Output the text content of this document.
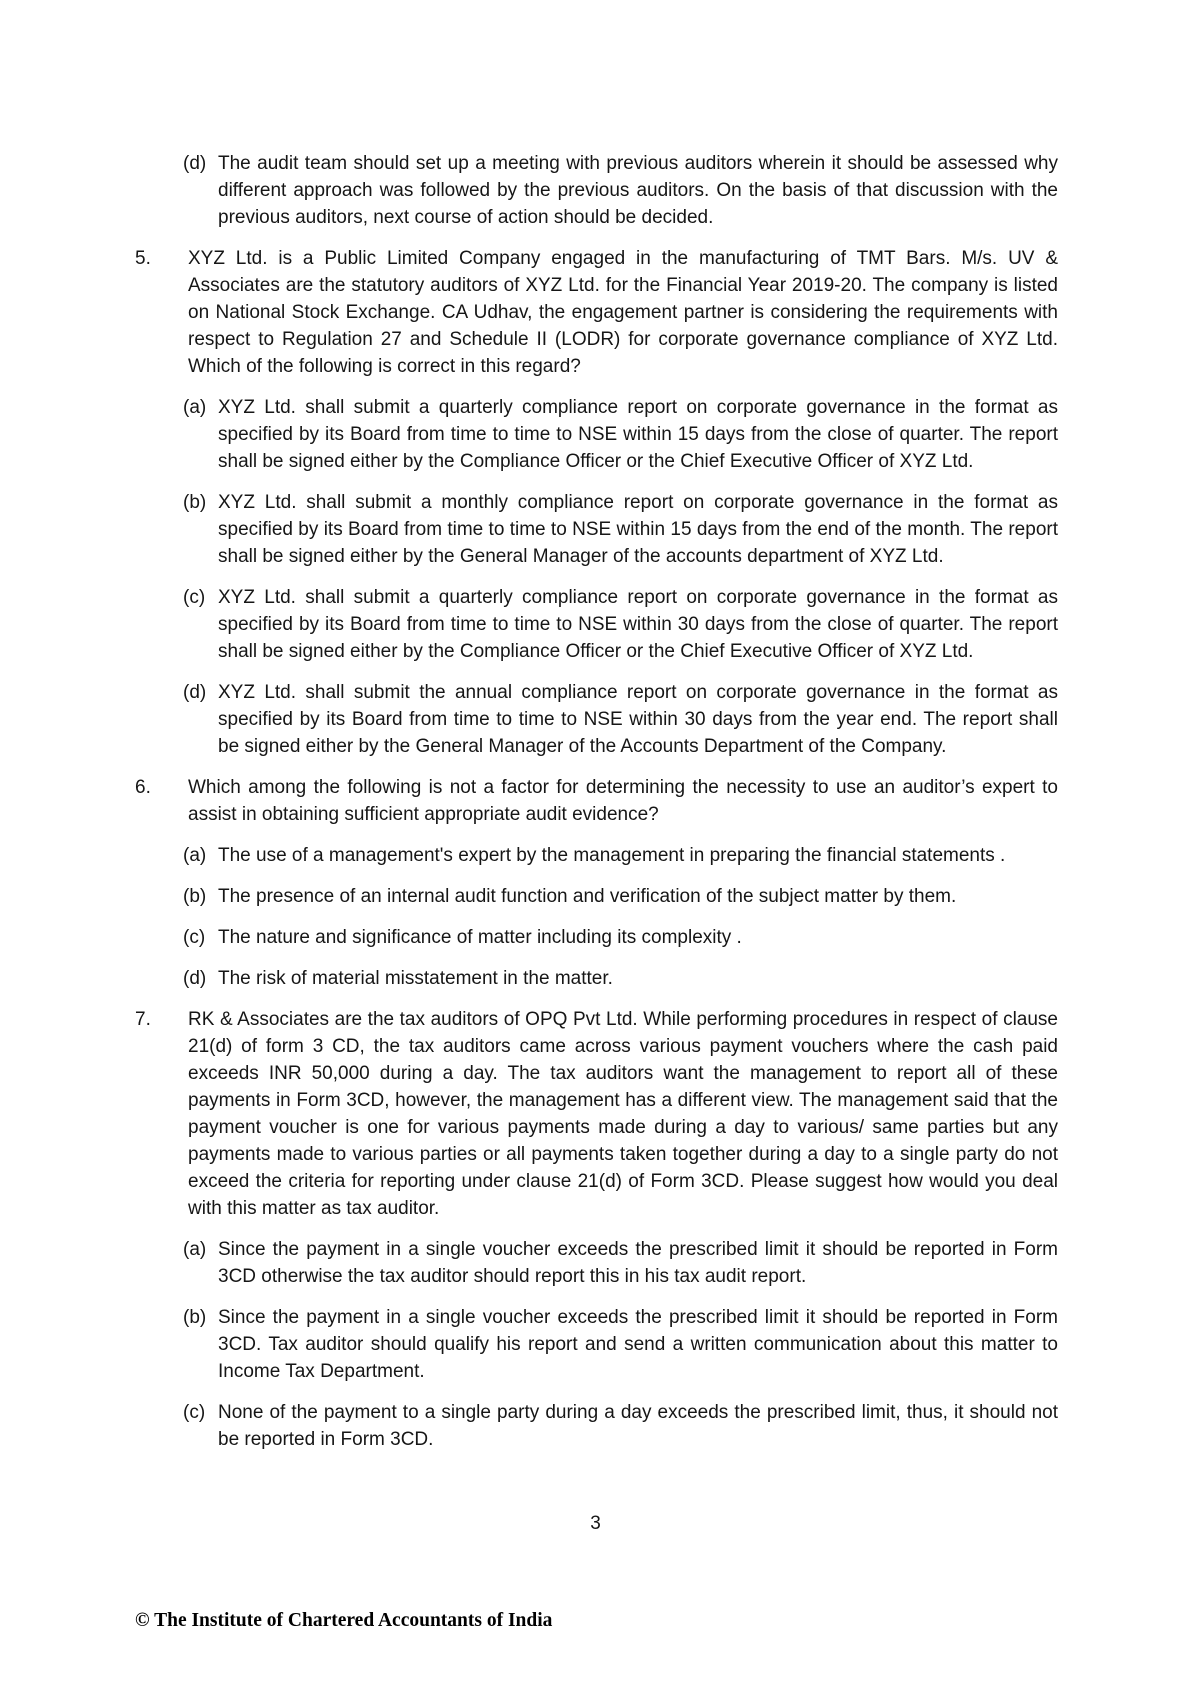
(d) The audit team should set up a meeting with previous auditors wherein it should be assessed why different approach was followed by the previous auditors. On the basis of that discussion with the previous auditors, next course of action should be decided.
5.	XYZ Ltd. is a Public Limited Company engaged in the manufacturing of TMT Bars. M/s. UV & Associates are the statutory auditors of XYZ Ltd. for the Financial Year 2019-20. The company is listed on National Stock Exchange. CA Udhav, the engagement partner is considering the requirements with respect to Regulation 27 and Schedule II (LODR) for corporate governance compliance of XYZ Ltd. Which of the following is correct in this regard?
(a) XYZ Ltd. shall submit a quarterly compliance report on corporate governance in the format as specified by its Board from time to time to NSE within 15 days from the close of quarter. The report shall be signed either by the Compliance Officer or the Chief Executive Officer of XYZ Ltd.
(b) XYZ Ltd. shall submit a monthly compliance report on corporate governance in the format as specified by its Board from time to time to NSE within 15 days from the end of the month. The report shall be signed either by the General Manager of the accounts department of XYZ Ltd.
(c) XYZ Ltd. shall submit a quarterly compliance report on corporate governance in the format as specified by its Board from time to time to NSE within 30 days from the close of quarter. The report shall be signed either by the Compliance Officer or the Chief Executive Officer of XYZ Ltd.
(d) XYZ Ltd. shall submit the annual compliance report on corporate governance in the format as specified by its Board from time to time to NSE within 30 days from the year end. The report shall be signed either by the General Manager of the Accounts Department of the Company.
6.	Which among the following is not a factor for determining the necessity to use an auditor’s expert to assist in obtaining sufficient appropriate audit evidence?
(a) The use of a management's expert by the management in preparing the financial statements .
(b) The presence of an internal audit function and verification of the subject matter by them.
(c) The nature and significance of matter including its complexity .
(d) The risk of material misstatement in the matter.
7.	RK & Associates are the tax auditors of OPQ Pvt Ltd. While performing procedures in respect of clause 21(d) of form 3 CD, the tax auditors came across various payment vouchers where the cash paid exceeds INR 50,000 during a day. The tax auditors want the management to report all of these payments in Form 3CD, however, the management has a different view. The management said that the payment voucher is one for various payments made during a day to various/ same parties but any payments made to various parties or all payments taken together during a day to a single party do not exceed the criteria for reporting under clause 21(d) of Form 3CD. Please suggest how would you deal with this matter as tax auditor.
(a) Since the payment in a single voucher exceeds the prescribed limit it should be reported in Form 3CD otherwise the tax auditor should report this in his tax audit report.
(b) Since the payment in a single voucher exceeds the prescribed limit it should be reported in Form 3CD. Tax auditor should qualify his report and send a written communication about this matter to Income Tax Department.
(c) None of the payment to a single party during a day exceeds the prescribed limit, thus, it should not be reported in Form 3CD.
3
© The Institute of Chartered Accountants of India
